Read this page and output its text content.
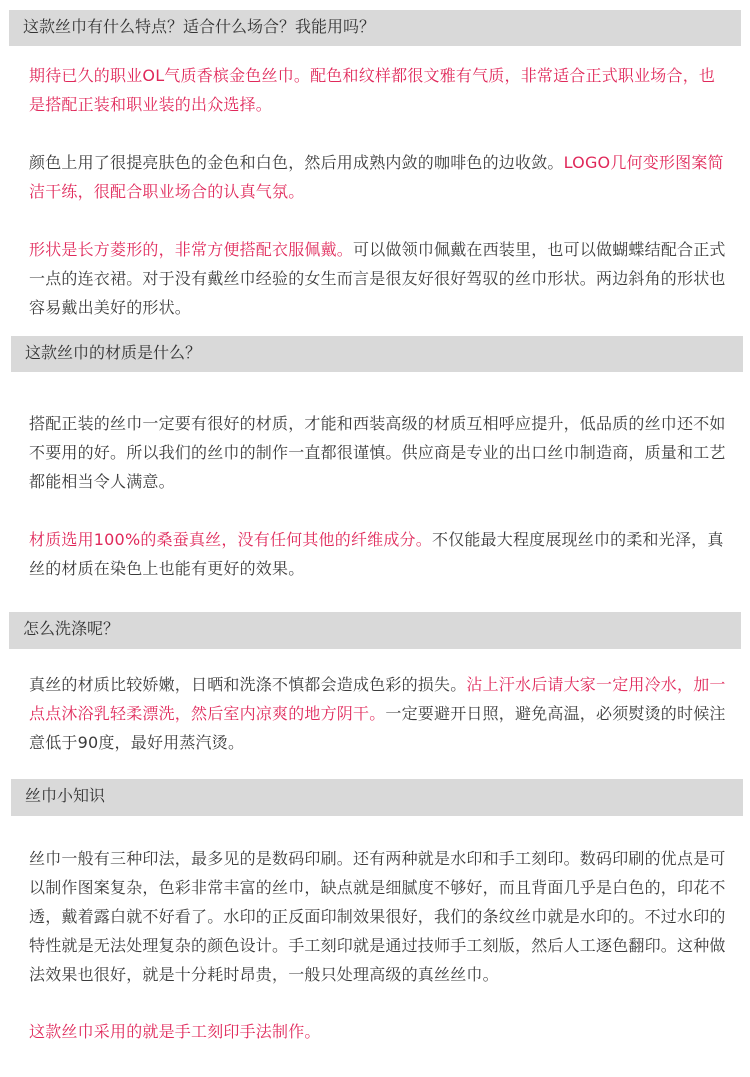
这款丝巾有什么特点？适合什么场合？我能用吗？

期待已久的职业OL气质香槟金色丝巾。配色和纹样都很文雅有气质，非常适合正式职业场合，也是搭配正装和职业装的出众选择。

颜色上用了很提亮肤色的金色和白色，然后用成熟内敛的咖啡色的边收敛。LOGO几何变形图案简洁干练，很配合职业场合的认真气氛。

形状是长方菱形的，非常方便搭配衣服佩戴。可以做领巾佩戴在西装里，也可以做蝴蝶结配合正式一点的连衣裙。对于没有戴丝巾经验的女生而言是很友好很好驾驭的丝巾形状。两边斜角的形状也容易戴出美好的形状。

这款丝巾的材质是什么？

搭配正装的丝巾一定要有很好的材质，才能和西装高级的材质互相呼应提升，低品质的丝巾还不如不要用的好。所以我们的丝巾的制作一直都很谨慎。供应商是专业的出口丝巾制造商，质量和工艺都能相当令人满意。

材质选用100%的桑蚕真丝，没有任何其他的纤维成分。不仅能最大程度展现丝巾的柔和光泽，真丝的材质在染色上也能有更好的效果。

怎么洗涤呢？

真丝的材质比较娇嫩，日晒和洗涤不慎都会造成色彩的损失。沾上汗水后请大家一定用冷水，加一点点沐浴乳轻柔漂洗，然后室内凉爽的地方阴干。一定要避开日照，避免高温，必须熨烫的时候注意低于90度，最好用蒸汽烫。

丝巾小知识

丝巾一般有三种印法，最多见的是数码印刷。还有两种就是水印和手工刻印。数码印刷的优点是可以制作图案复杂，色彩非常丰富的丝巾，缺点就是细腻度不够好，而且背面几乎是白色的，印花不透，戴着露白就不好看了。水印的正反面印制效果很好，我们的条纹丝巾就是水印的。不过水印的特性就是无法处理复杂的颜色设计。手工刻印就是通过技师手工刻版，然后人工逐色翻印。这种做法效果也很好，就是十分耗时昂贵，一般只处理高级的真丝丝巾。

这款丝巾采用的就是手工刻印手法制作。
